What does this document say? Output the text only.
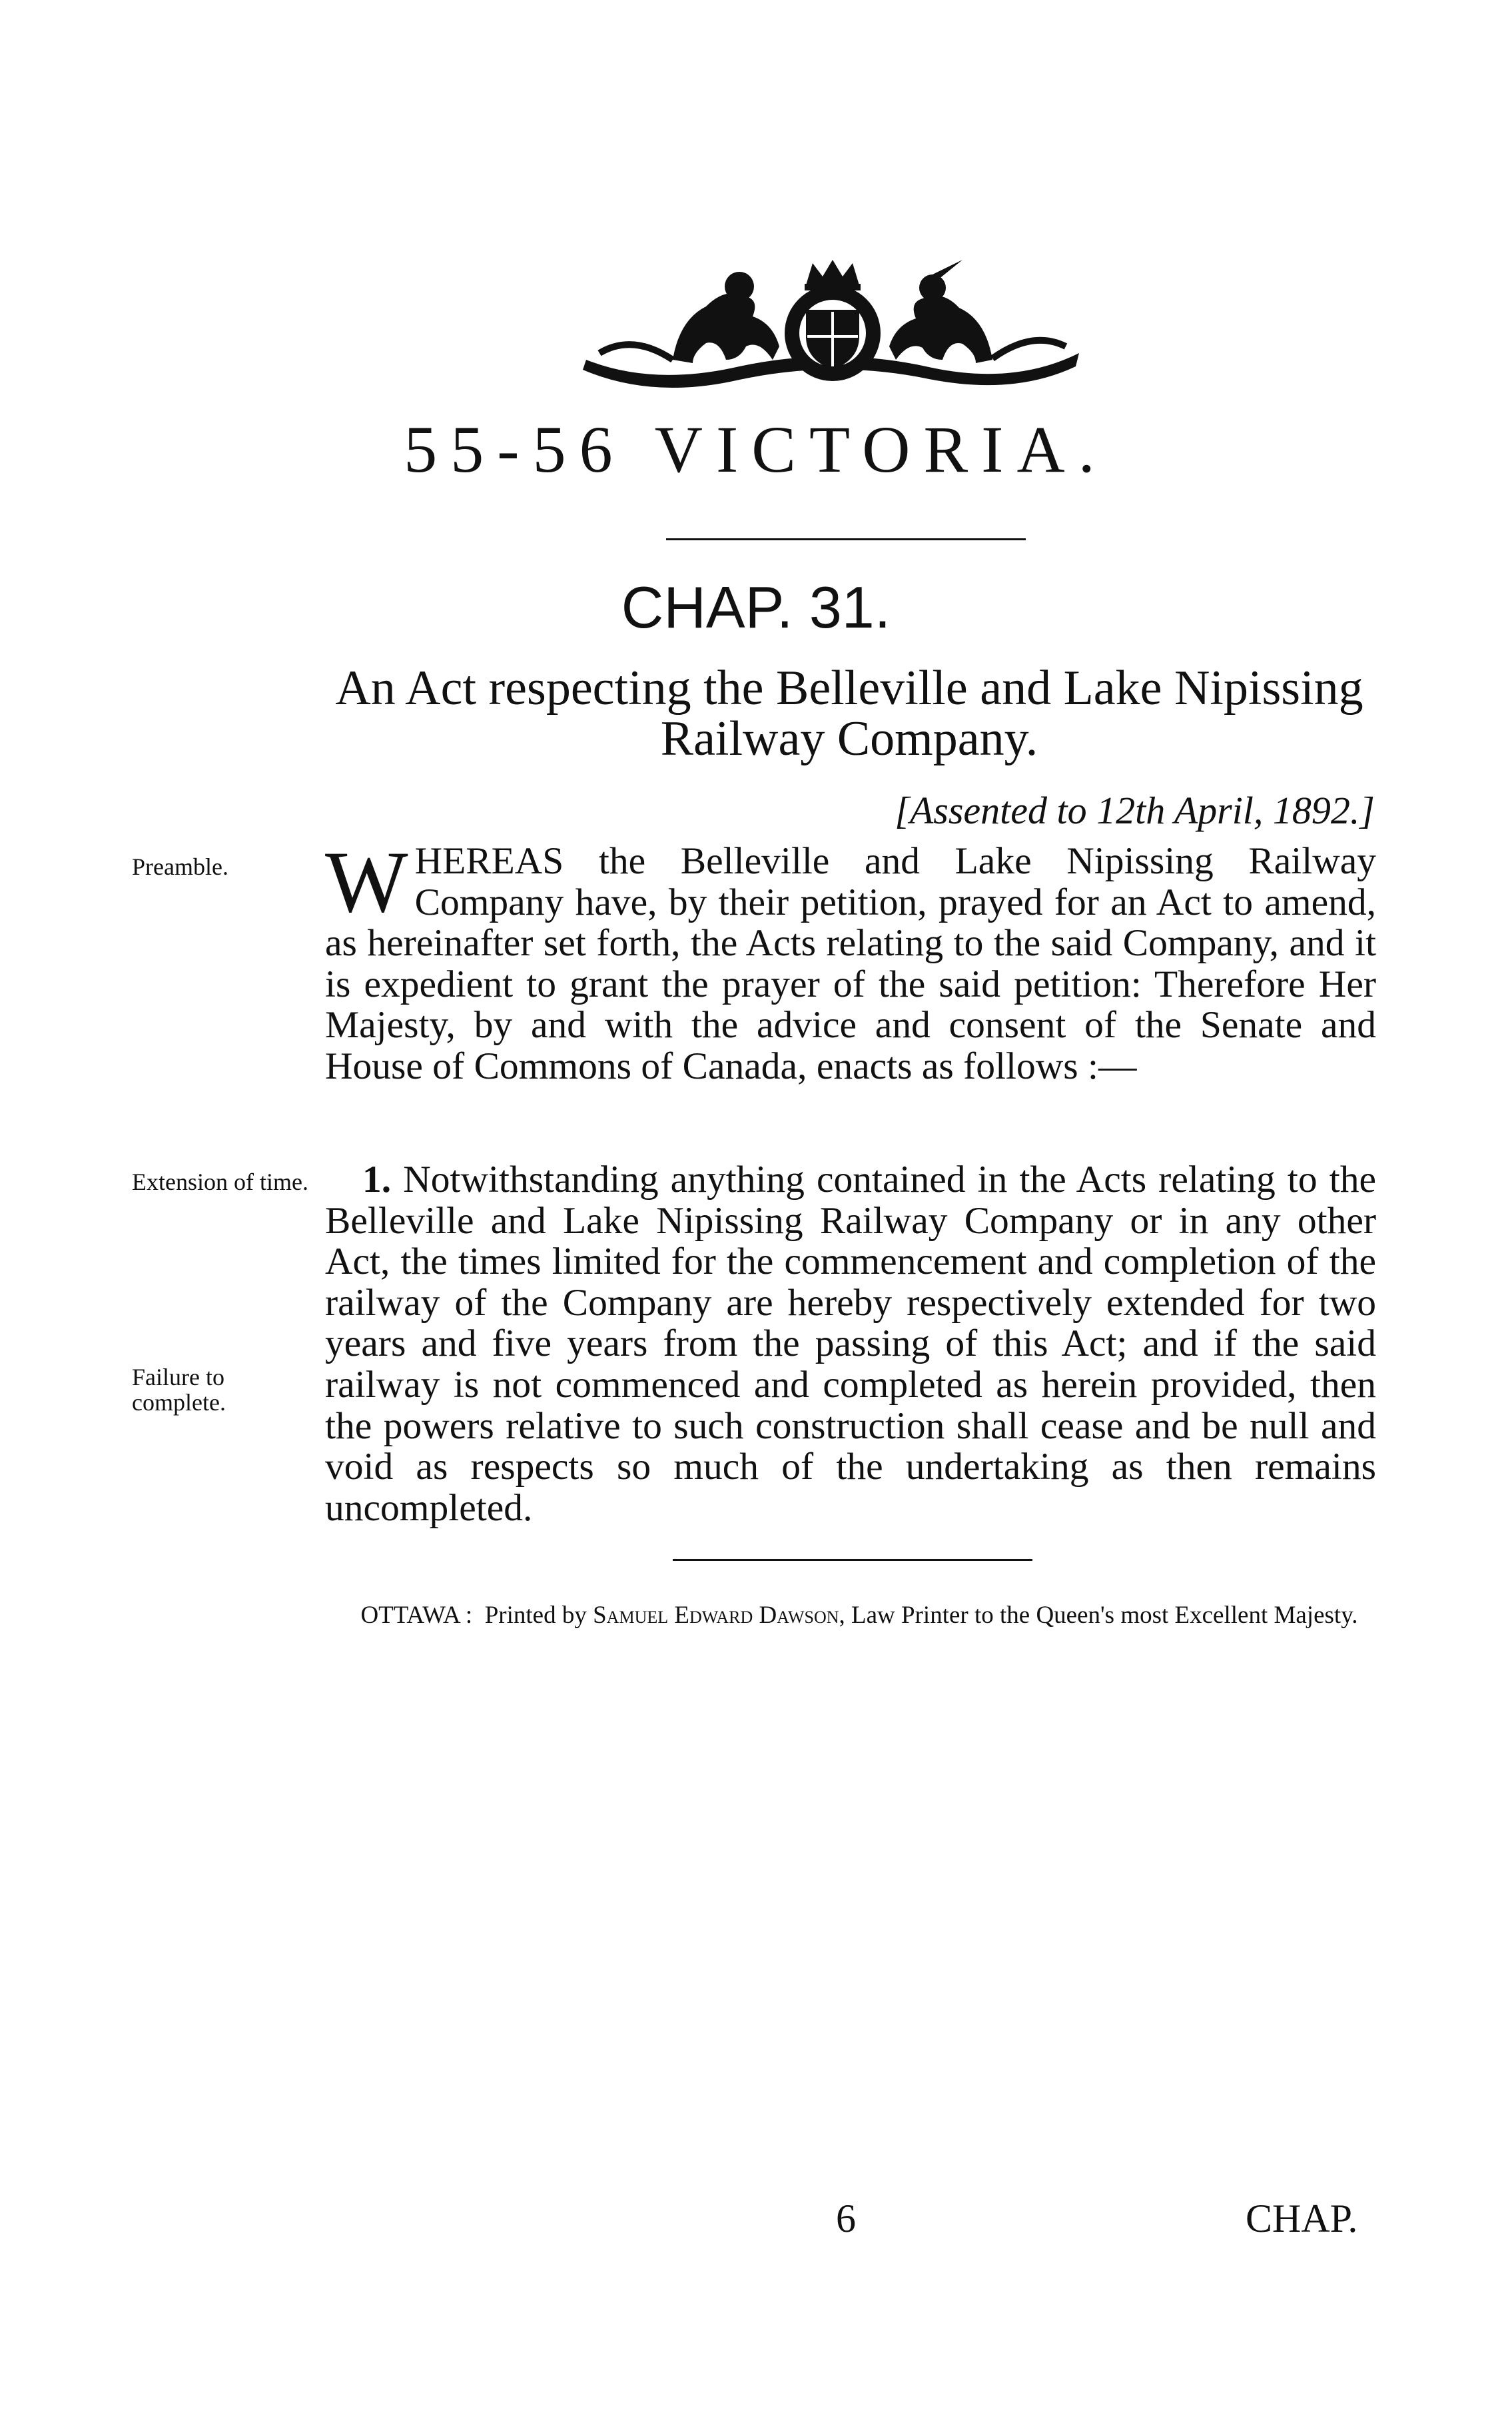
55-56 VICTORIA.
CHAP. 31.
An Act respecting the Belleville and Lake Nipissing Railway Company.
[Assented to 12th April, 1892.]
Preamble.
Extension of time.
Failure to complete.

WHEREAS the Belleville and Lake Nipissing Railway Company have, by their petition, prayed for an Act to amend, as hereinafter set forth, the Acts relating to the said Company, and it is expedient to grant the prayer of the said petition: Therefore Her Majesty, by and with the advice and consent of the Senate and House of Commons of Canada, enacts as follows :—

1. Notwithstanding anything contained in the Acts relating to the Belleville and Lake Nipissing Railway Company or in any other Act, the times limited for the commencement and completion of the railway of the Company are hereby respectively extended for two years and five years from the passing of this Act; and if the said railway is not commenced and completed as herein provided, then the powers relative to such construction shall cease and be null and void as respects so much of the undertaking as then remains uncompleted.

OTTAWA : Printed by Samuel Edward Dawson, Law Printer to the Queen's most Excellent Majesty.
6	CHAP.
